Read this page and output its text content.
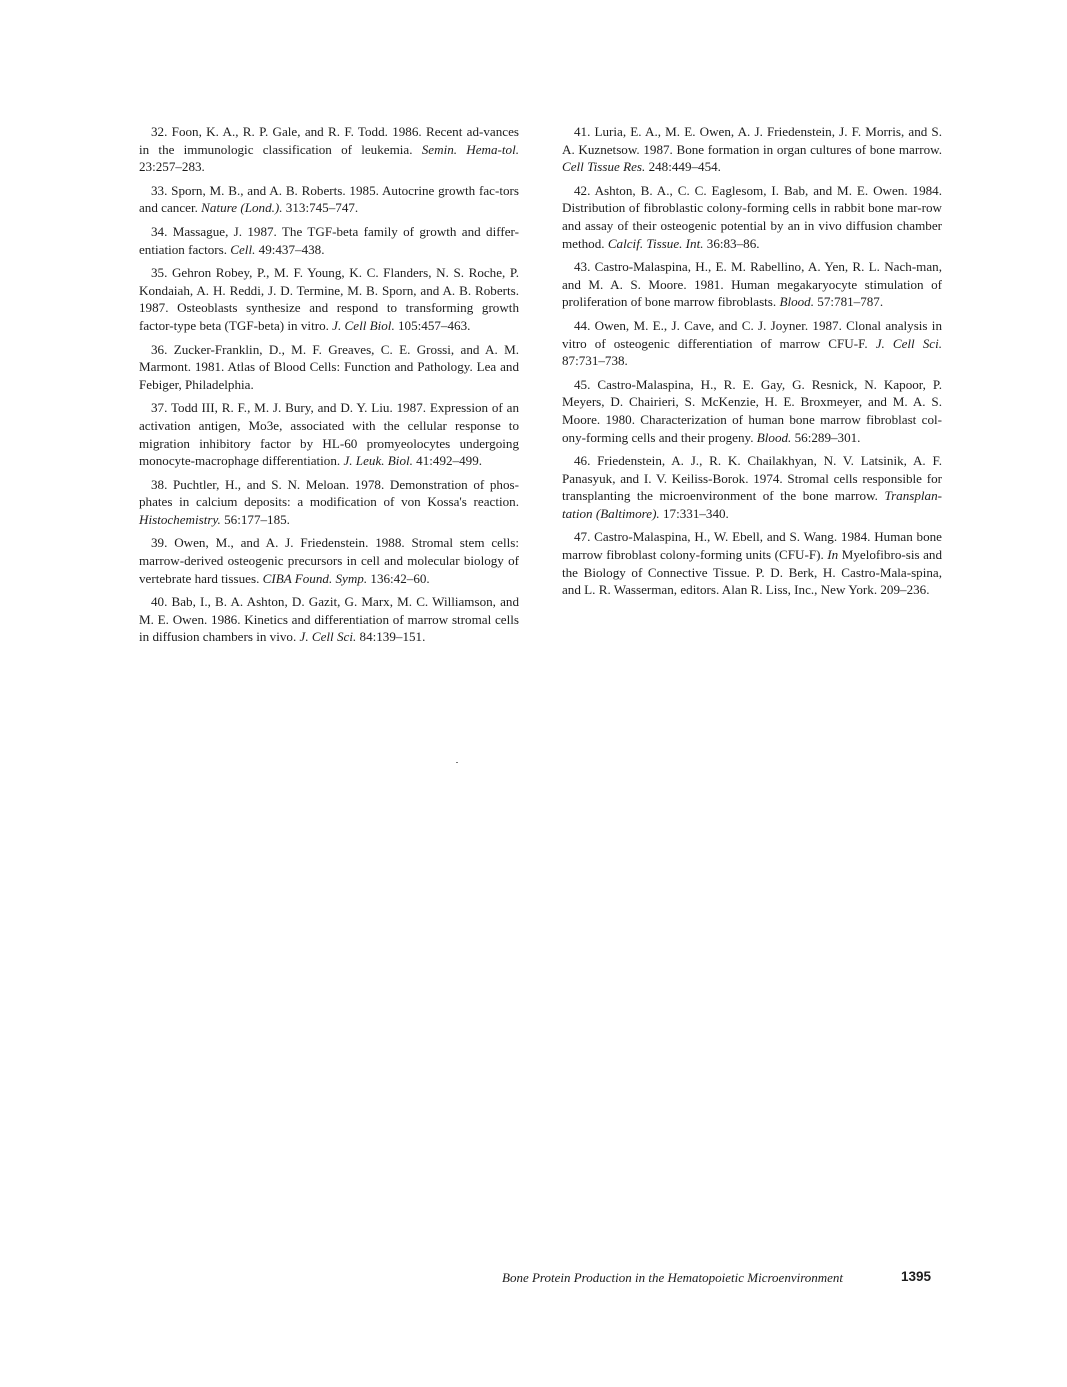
32. Foon, K. A., R. P. Gale, and R. F. Todd. 1986. Recent ad-vances in the immunologic classification of leukemia. Semin. Hema-tol. 23:257–283.

33. Sporn, M. B., and A. B. Roberts. 1985. Autocrine growth fac-tors and cancer. Nature (Lond.). 313:745–747.

34. Massague, J. 1987. The TGF-beta family of growth and differ-entiation factors. Cell. 49:437–438.

35. Gehron Robey, P., M. F. Young, K. C. Flanders, N. S. Roche, P. Kondaiah, A. H. Reddi, J. D. Termine, M. B. Sporn, and A. B. Roberts. 1987. Osteoblasts synthesize and respond to transforming growth factor-type beta (TGF-beta) in vitro. J. Cell Biol. 105:457–463.

36. Zucker-Franklin, D., M. F. Greaves, C. E. Grossi, and A. M. Marmont. 1981. Atlas of Blood Cells: Function and Pathology. Lea and Febiger, Philadelphia.

37. Todd III, R. F., M. J. Bury, and D. Y. Liu. 1987. Expression of an activation antigen, Mo3e, associated with the cellular response to migration inhibitory factor by HL-60 promyeolocytes undergoing monocyte-macrophage differentiation. J. Leuk. Biol. 41:492–499.

38. Puchtler, H., and S. N. Meloan. 1978. Demonstration of phos-phates in calcium deposits: a modification of von Kossa's reaction. Histochemistry. 56:177–185.

39. Owen, M., and A. J. Friedenstein. 1988. Stromal stem cells: marrow-derived osteogenic precursors in cell and molecular biology of vertebrate hard tissues. CIBA Found. Symp. 136:42–60.

40. Bab, I., B. A. Ashton, D. Gazit, G. Marx, M. C. Williamson, and M. E. Owen. 1986. Kinetics and differentiation of marrow stromal cells in diffusion chambers in vivo. J. Cell Sci. 84:139–151.

41. Luria, E. A., M. E. Owen, A. J. Friedenstein, J. F. Morris, and S. A. Kuznetsow. 1987. Bone formation in organ cultures of bone marrow. Cell Tissue Res. 248:449–454.

42. Ashton, B. A., C. C. Eaglesom, I. Bab, and M. E. Owen. 1984. Distribution of fibroblastic colony-forming cells in rabbit bone mar-row and assay of their osteogenic potential by an in vivo diffusion chamber method. Calcif. Tissue. Int. 36:83–86.

43. Castro-Malaspina, H., E. M. Rabellino, A. Yen, R. L. Nach-man, and M. A. S. Moore. 1981. Human megakaryocyte stimulation of proliferation of bone marrow fibroblasts. Blood. 57:781–787.

44. Owen, M. E., J. Cave, and C. J. Joyner. 1987. Clonal analysis in vitro of osteogenic differentiation of marrow CFU-F. J. Cell Sci. 87:731–738.

45. Castro-Malaspina, H., R. E. Gay, G. Resnick, N. Kapoor, P. Meyers, D. Chairieri, S. McKenzie, H. E. Broxmeyer, and M. A. S. Moore. 1980. Characterization of human bone marrow fibroblast col-ony-forming cells and their progeny. Blood. 56:289–301.

46. Friedenstein, A. J., R. K. Chailakhyan, N. V. Latsinik, A. F. Panasyuk, and I. V. Keiliss-Borok. 1974. Stromal cells responsible for transplanting the microenvironment of the bone marrow. Transplan-tation (Baltimore). 17:331–340.

47. Castro-Malaspina, H., W. Ebell, and S. Wang. 1984. Human bone marrow fibroblast colony-forming units (CFU-F). In Myelofibro-sis and the Biology of Connective Tissue. P. D. Berk, H. Castro-Mala-spina, and L. R. Wasserman, editors. Alan R. Liss, Inc., New York. 209–236.

Bone Protein Production in the Hematopoietic Microenvironment	1395
